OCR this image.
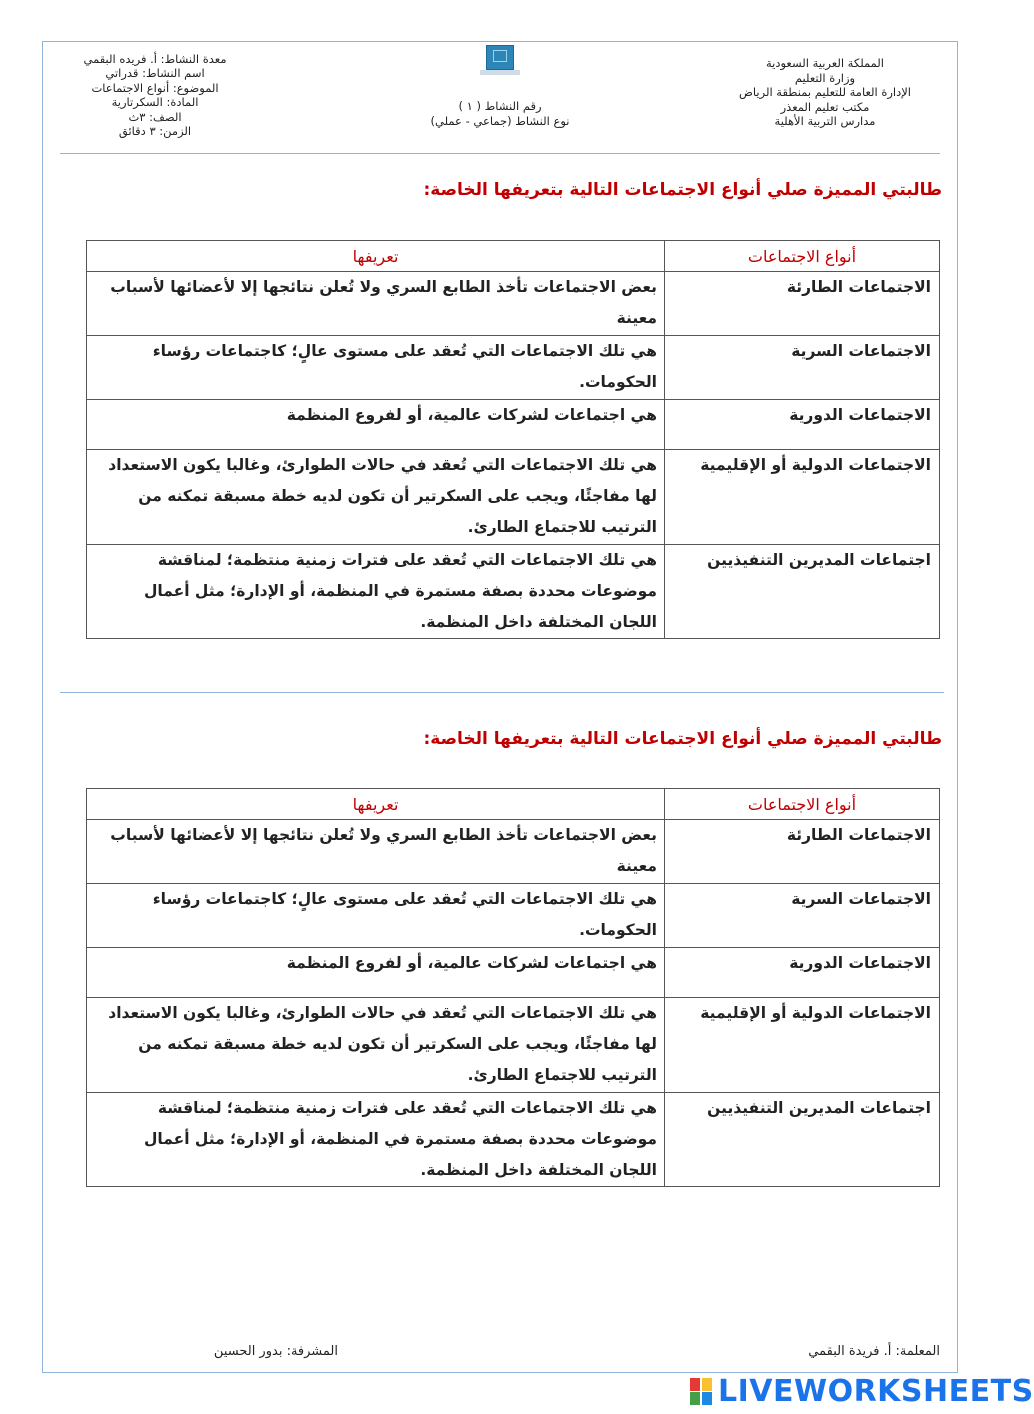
المملكة العربية السعودية
وزارة التعليم
الإدارة العامة للتعليم بمنطقة الرياض
مكتب تعليم المعذر
مدارس التربية الأهلية
رقم النشاط ( ١ )
نوع النشاط (جماعي - عملي)
معدة النشاط: أ. فريده البقمي
اسم النشاط: قدراتي
الموضوع: أنواع الاجتماعات
المادة: السكرتارية
الصف: ٣ث
الزمن: ٣ دقائق
طالبتي المميزة صلي أنواع الاجتماعات التالية بتعريفها الخاصة:
أنواع الاجتماعات	تعريفها
الاجتماعات الطارئة	بعض الاجتماعات تأخذ الطابع السري ولا تُعلن نتائجها إلا لأعضائها لأسباب معينة
الاجتماعات السرية	هي تلك الاجتماعات التي تُعقد على مستوى عالٍ؛ كاجتماعات رؤساء الحكومات.
الاجتماعات الدورية	هي اجتماعات لشركات عالمية، أو لفروع المنظمة
الاجتماعات الدولية أو الإقليمية	هي تلك الاجتماعات التي تُعقد في حالات الطوارئ، وغالبا يكون الاستعداد لها مفاجئًا، ويجب على السكرتير أن تكون لديه خطة مسبقة تمكنه من الترتيب للاجتماع الطارئ.
اجتماعات المديرين التنفيذيين	هي تلك الاجتماعات التي تُعقد على فترات زمنية منتظمة؛ لمناقشة موضوعات محددة بصفة مستمرة في المنظمة، أو الإدارة؛ مثل أعمال اللجان المختلفة داخل المنظمة.
طالبتي المميزة صلي أنواع الاجتماعات التالية بتعريفها الخاصة:
أنواع الاجتماعات	تعريفها
الاجتماعات الطارئة	بعض الاجتماعات تأخذ الطابع السري ولا تُعلن نتائجها إلا لأعضائها لأسباب معينة
الاجتماعات السرية	هي تلك الاجتماعات التي تُعقد على مستوى عالٍ؛ كاجتماعات رؤساء الحكومات.
الاجتماعات الدورية	هي اجتماعات لشركات عالمية، أو لفروع المنظمة
الاجتماعات الدولية أو الإقليمية	هي تلك الاجتماعات التي تُعقد في حالات الطوارئ، وغالبا يكون الاستعداد لها مفاجئًا، ويجب على السكرتير أن تكون لديه خطة مسبقة تمكنه من الترتيب للاجتماع الطارئ.
اجتماعات المديرين التنفيذيين	هي تلك الاجتماعات التي تُعقد على فترات زمنية منتظمة؛ لمناقشة موضوعات محددة بصفة مستمرة في المنظمة، أو الإدارة؛ مثل أعمال اللجان المختلفة داخل المنظمة.
المعلمة: أ. فريدة البقمي
المشرفة: بدور الحسين
LIVEWORKSHEETS
